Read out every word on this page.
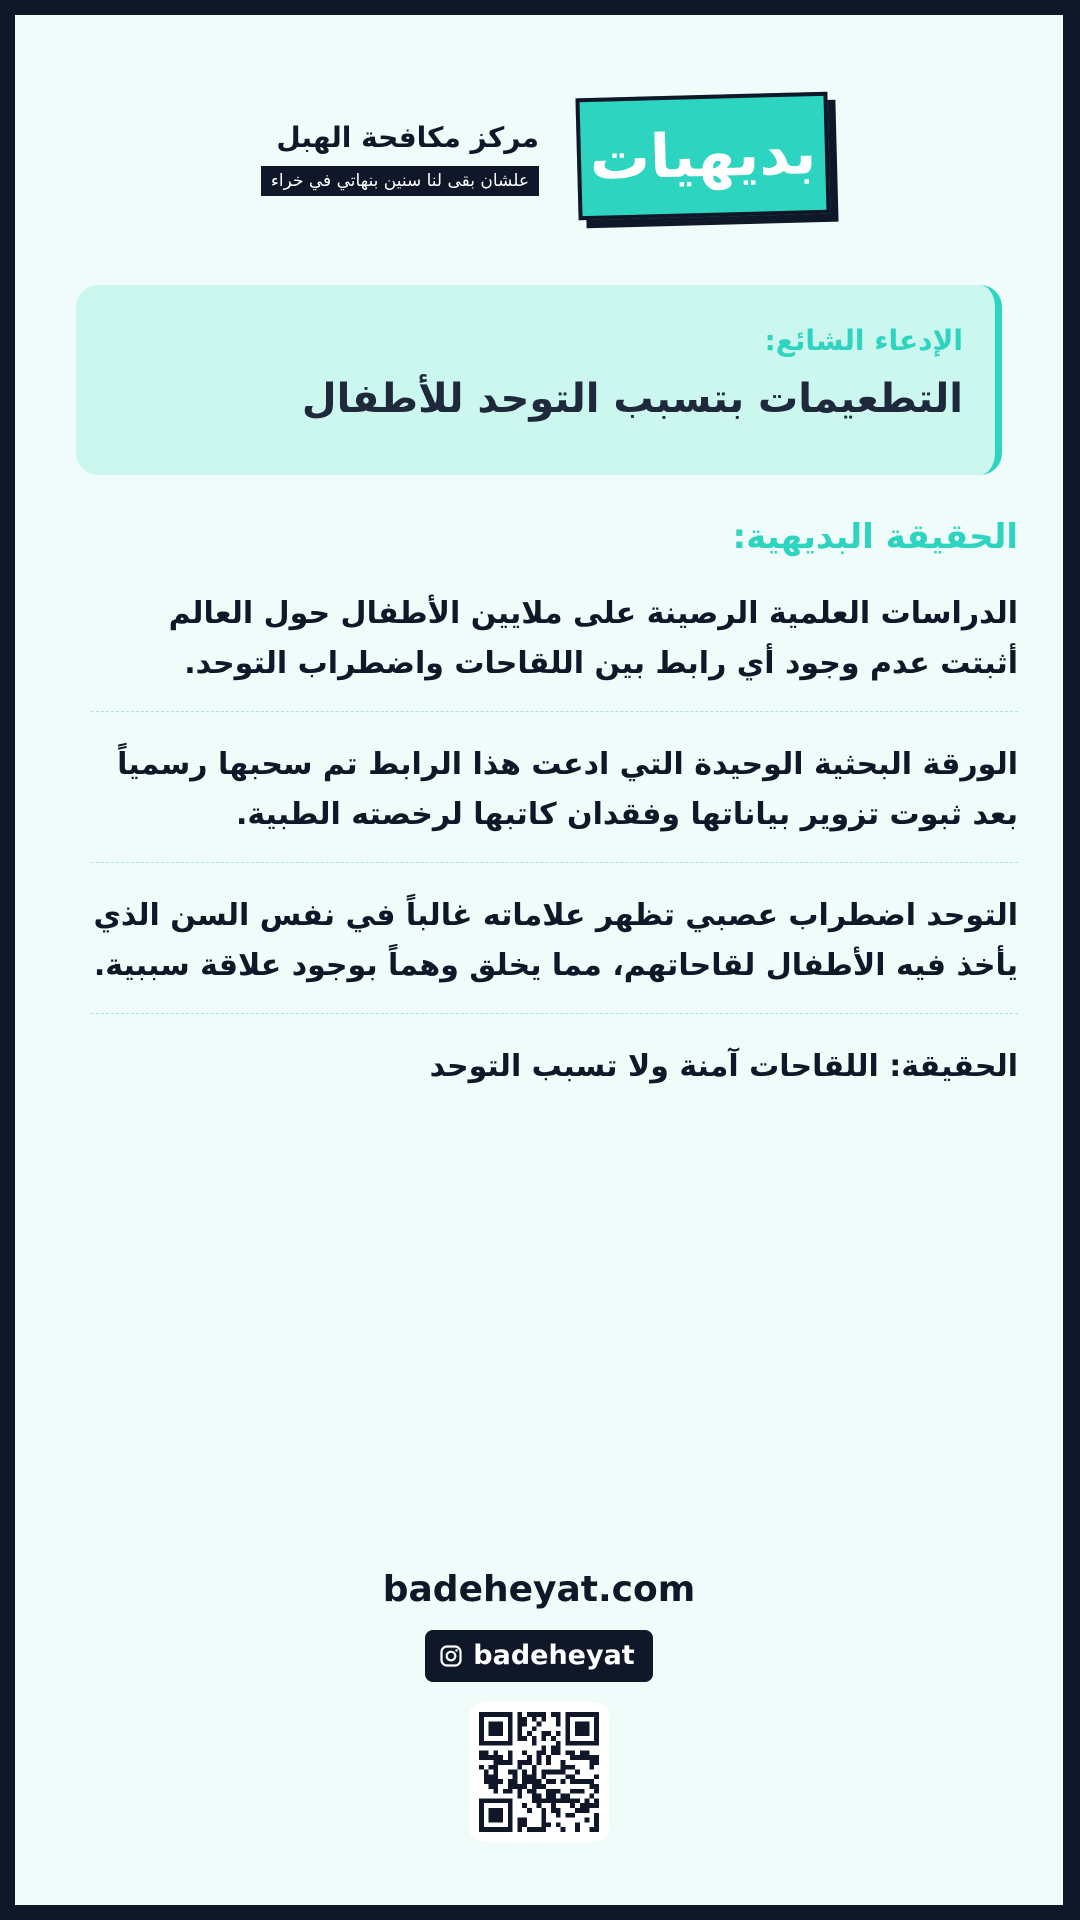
بديهيات
مركز مكافحة الهبل
علشان بقى لنا سنين بنهاتي في خراء
الإدعاء الشائع:
التطعيمات بتسبب التوحد للأطفال
الحقيقة البديهية:
الدراسات العلمية الرصينة على ملايين الأطفال حول العالم أثبتت عدم وجود أي رابط بين اللقاحات واضطراب التوحد.
الورقة البحثية الوحيدة التي ادعت هذا الرابط تم سحبها رسمياً بعد ثبوت تزوير بياناتها وفقدان كاتبها لرخصته الطبية.
التوحد اضطراب عصبي تظهر علاماته غالباً في نفس السن الذي يأخذ فيه الأطفال لقاحاتهم، مما يخلق وهماً بوجود علاقة سببية.
الحقيقة: اللقاحات آمنة ولا تسبب التوحد
badeheyat.com
badeheyat
